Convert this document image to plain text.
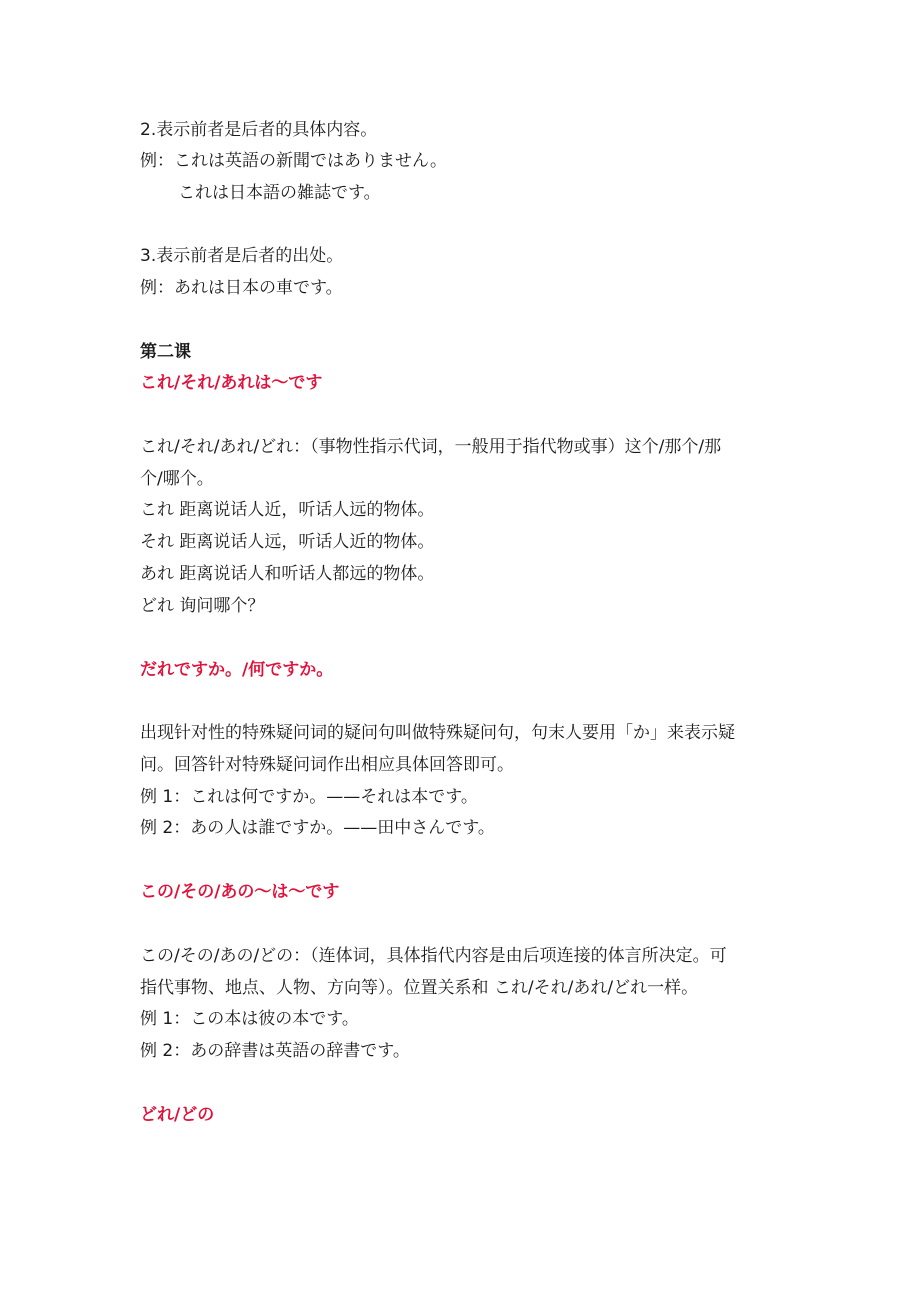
2.表示前者是后者的具体内容。

例：これは英語の新聞ではありません。

これは日本語の雑誌です。

3.表示前者是后者的出处。

例：あれは日本の車です。

第二课

これ/それ/あれは～です

これ/それ/あれ/どれ：（事物性指示代词，一般用于指代物或事）这个/那个/那

个/哪个。

これ 距离说话人近，听话人远的物体。

それ 距离说话人远，听话人近的物体。

あれ 距离说话人和听话人都远的物体。

どれ 询问哪个？

だれですか。/何ですか。

出现针对性的特殊疑问词的疑问句叫做特殊疑问句，句末人要用「か」来表示疑

问。回答针对特殊疑问词作出相应具体回答即可。

例 1：これは何ですか。——それは本です。

例 2：あの人は誰ですか。——田中さんです。

この/その/あの～は～です

この/その/あの/どの：（连体词，具体指代内容是由后项连接的体言所决定。可

指代事物、地点、人物、方向等）。位置关系和 これ/それ/あれ/どれ一样。

例 1：この本は彼の本です。

例 2：あの辞書は英語の辞書です。

どれ/どの
